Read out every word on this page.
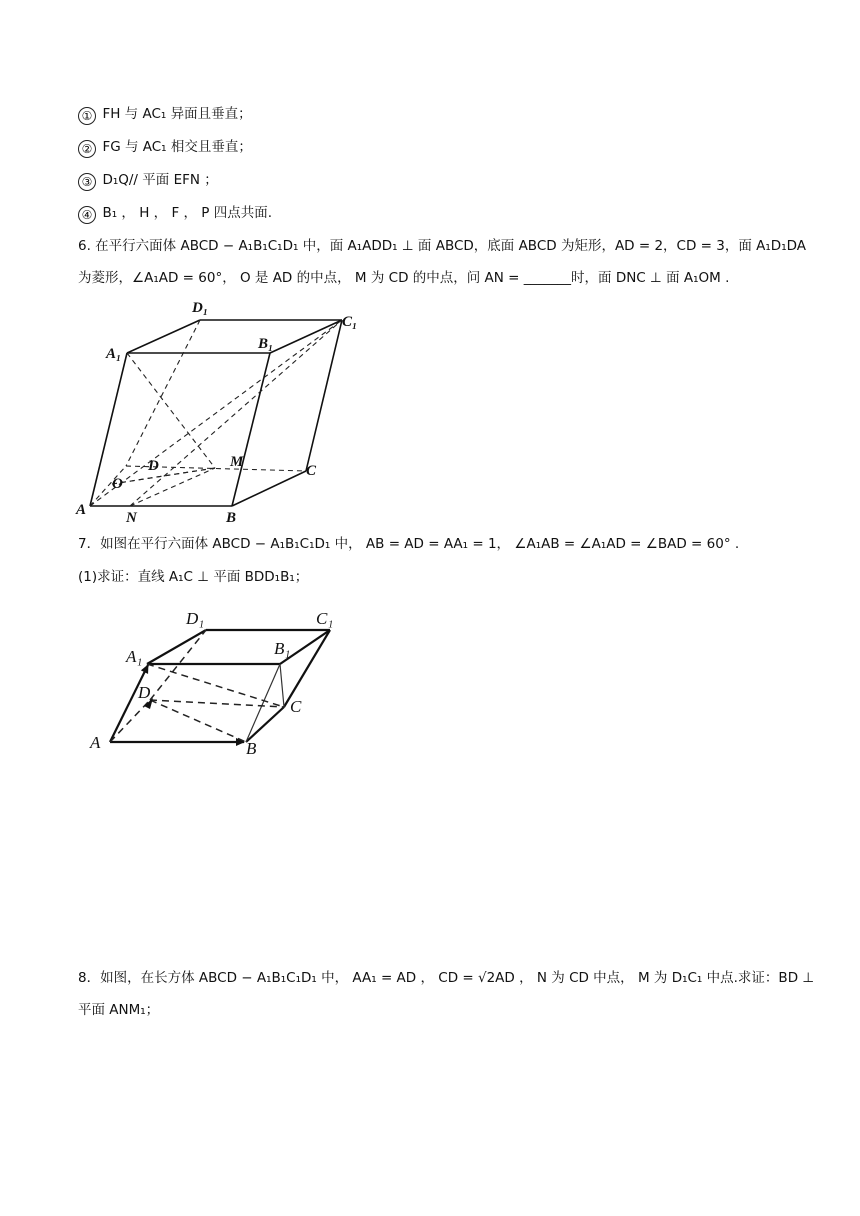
① FH 与 AC₁ 异面且垂直；
② FG 与 AC₁ 相交且垂直；
③ D₁Q// 平面 EFN ；
④ B₁ ， H ， F ， P 四点共面.
6. 在平行六面体 ABCD − A₁B₁C₁D₁ 中，面 A₁ADD₁ ⊥ 面 ABCD，底面 ABCD 为矩形，AD = 2，CD = 3，面 A₁D₁DA
为菱形，∠A₁AD = 60°， O 是 AD 的中点， M 为 CD 的中点，问 AN = _______时，面 DNC ⊥ 面 A₁OM .
D₁
C₁
A₁
B₁
D	M
C
O
A	N	B
7．如图在平行六面体 ABCD − A₁B₁C₁D₁ 中， AB = AD = AA₁ = 1， ∠A₁AB = ∠A₁AD = ∠BAD = 60° .
(1)求证：直线 A₁C ⊥ 平面 BDD₁B₁；
D₁	C₁
A₁	B₁
D
C
A	B
8．如图，在长方体 ABCD − A₁B₁C₁D₁ 中， AA₁ = AD ， CD = √2AD ， N 为 CD 中点， M 为 D₁C₁ 中点.求证：BD ⊥
平面 ANM₁；
